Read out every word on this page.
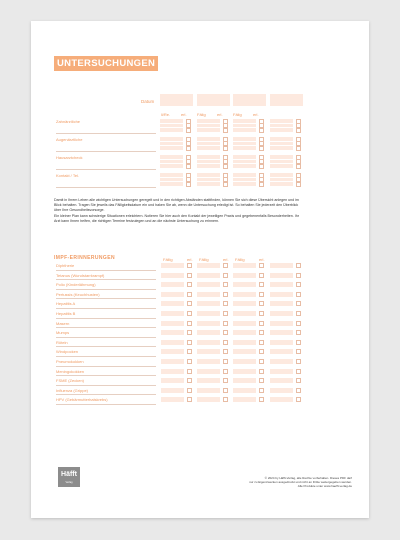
UNTERSUCHUNGEN
Datum
li/Re.	erl.	Fälig	erl.	Fälig	erl.
Zahnärztliche
Augenärztliche
Hausarztcheck
Kontakt / Tel.
Damit in Ihrem Leben alle wichtigen Untersuchungen geregelt und in den richtigen Abständen stattfinden, können Sie sich diese Übersicht anlegen und im Blick behalten. Tragen Sie jeweils das Fälligkeitsdatum ein und haken Sie ab, wenn die Untersuchung erledigt ist. So behalten Sie jederzeit den Überblick über Ihre Gesundheitsvorsorge.
Ein kleiner Plan kann schwierige Situationen erleichtern. Notieren Sie hier auch den Kontakt der jeweiligen Praxis und gegebenenfalls Besonderheiten. Ihr Arzt kann Ihnen helfen, die richtigen Termine festzulegen und an die nächste Untersuchung zu erinnern.
IMPF-ERINNERUNGEN	Fällig	erl. Fällig	erl. Fällig	erl.
Diphtherie
Tetanus (Wundstarrkrampf)
Polio (Kinderlähmung)
Pertussis (Keuchhusten)
Hepatitis A
Hepatitis B
Masern
Mumps
Röteln
Windpocken
Pneumokokken
Meningokokken
FSME (Zecken)
Influenza (Grippe)
HPV (Gebärmutterhalskrebs)
Häfft
Verlag
© 2024 by Häfft-Verlag, alle Rechte vorbehalten. Dieses PDF darf
nur zu Eigenzwecken ausgedruckt und nicht an Dritte weitergegeben werden.
Alle Produkte unter www.haefft-verlag.de
